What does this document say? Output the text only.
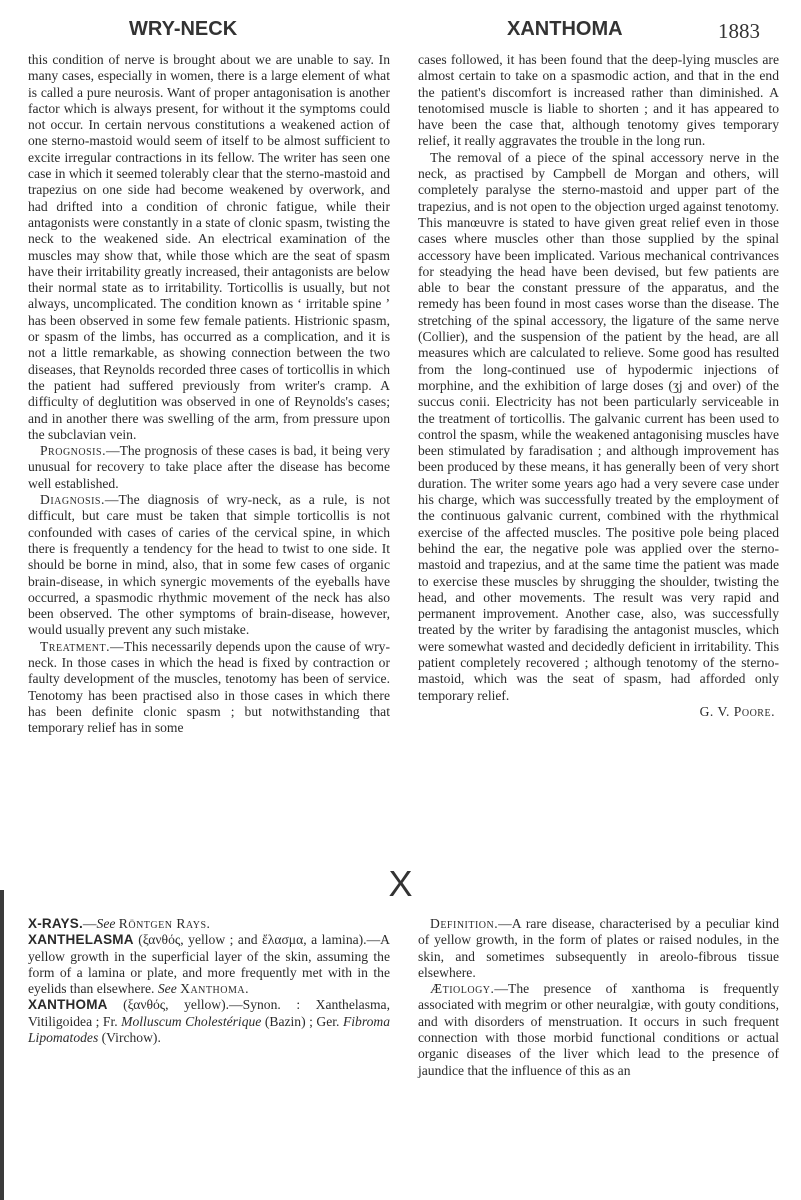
WRY-NECK	XANTHOMA	1883

this condition of nerve is brought about we are unable to say. In many cases, especially in women, there is a large element of what is called a pure neurosis. Want of proper antagonisation is another factor which is always present, for without it the symptoms could not occur. In certain nervous constitutions a weakened action of one sterno-mastoid would seem of itself to be almost sufficient to excite irregular contractions in its fellow. The writer has seen one case in which it seemed tolerably clear that the sterno-mastoid and trapezius on one side had become weakened by overwork, and had drifted into a condition of chronic fatigue, while their antagonists were constantly in a state of clonic spasm, twisting the neck to the weakened side. An electrical examination of the muscles may show that, while those which are the seat of spasm have their irritability greatly increased, their antagonists are below their normal state as to irritability. Torticollis is usually, but not always, uncomplicated. The condition known as ‘ irritable spine ’ has been observed in some few female patients. Histrionic spasm, or spasm of the limbs, has occurred as a complication, and it is not a little remarkable, as showing connection between the two diseases, that Reynolds recorded three cases of torticollis in which the patient had suffered previously from writer's cramp. A difficulty of deglutition was observed in one of Reynolds's cases; and in another there was swelling of the arm, from pressure upon the subclavian vein.

Prognosis.—The prognosis of these cases is bad, it being very unusual for recovery to take place after the disease has become well established.

Diagnosis.—The diagnosis of wry-neck, as a rule, is not difficult, but care must be taken that simple torticollis is not confounded with cases of caries of the cervical spine, in which there is frequently a tendency for the head to twist to one side. It should be borne in mind, also, that in some few cases of organic brain-disease, in which synergic movements of the eyeballs have occurred, a spasmodic rhythmic movement of the neck has also been observed. The other symptoms of brain-disease, however, would usually prevent any such mistake.

Treatment.—This necessarily depends upon the cause of wry-neck. In those cases in which the head is fixed by contraction or faulty development of the muscles, tenotomy has been of service. Tenotomy has been practised also in those cases in which there has been definite clonic spasm ; but notwithstanding that temporary relief has in some

cases followed, it has been found that the deep-lying muscles are almost certain to take on a spasmodic action, and that in the end the patient's discomfort is increased rather than diminished. A tenotomised muscle is liable to shorten ; and it has appeared to have been the case that, although tenotomy gives temporary relief, it really aggravates the trouble in the long run.

The removal of a piece of the spinal accessory nerve in the neck, as practised by Campbell de Morgan and others, will completely paralyse the sterno-mastoid and upper part of the trapezius, and is not open to the objection urged against tenotomy. This manœuvre is stated to have given great relief even in those cases where muscles other than those supplied by the spinal accessory have been implicated. Various mechanical contrivances for steadying the head have been devised, but few patients are able to bear the constant pressure of the apparatus, and the remedy has been found in most cases worse than the disease. The stretching of the spinal accessory, the ligature of the same nerve (Collier), and the suspension of the patient by the head, are all measures which are calculated to relieve. Some good has resulted from the long-continued use of hypodermic injections of morphine, and the exhibition of large doses (ʒj and over) of the succus conii. Electricity has not been particularly serviceable in the treatment of torticollis. The galvanic current has been used to control the spasm, while the weakened antagonising muscles have been stimulated by faradisation ; and although improvement has been produced by these means, it has generally been of very short duration. The writer some years ago had a very severe case under his charge, which was successfully treated by the employment of the continuous galvanic current, combined with the rhythmical exercise of the affected muscles. The positive pole being placed behind the ear, the negative pole was applied over the sterno-mastoid and trapezius, and at the same time the patient was made to exercise these muscles by shrugging the shoulder, twisting the head, and other movements. The result was very rapid and permanent improvement. Another case, also, was successfully treated by the writer by faradising the antagonist muscles, which were somewhat wasted and decidedly deficient in irritability. This patient completely recovered ; although tenotomy of the sterno-mastoid, which was the seat of spasm, had afforded only temporary relief.

G. V. Poore.

X

X-RAYS.—See Röntgen Rays.

XANTHELASMA (ξανθός, yellow ; and ἔλασμα, a lamina).—A yellow growth in the superficial layer of the skin, assuming the form of a lamina or plate, and more frequently met with in the eyelids than elsewhere. See Xanthoma.

XANTHOMA (ξανθός, yellow).—Synon. : Xanthelasma, Vitiligoidea ; Fr. Molluscum Cholestérique (Bazin) ; Ger. Fibroma Lipomatodes (Virchow).

Definition.—A rare disease, characterised by a peculiar kind of yellow growth, in the form of plates or raised nodules, in the skin, and sometimes subsequently in areolo-fibrous tissue elsewhere.

Ætiology.—The presence of xanthoma is frequently associated with megrim or other neuralgiæ, with gouty conditions, and with disorders of menstruation. It occurs in such frequent connection with those morbid functional conditions or actual organic diseases of the liver which lead to the presence of jaundice that the influence of this as an
